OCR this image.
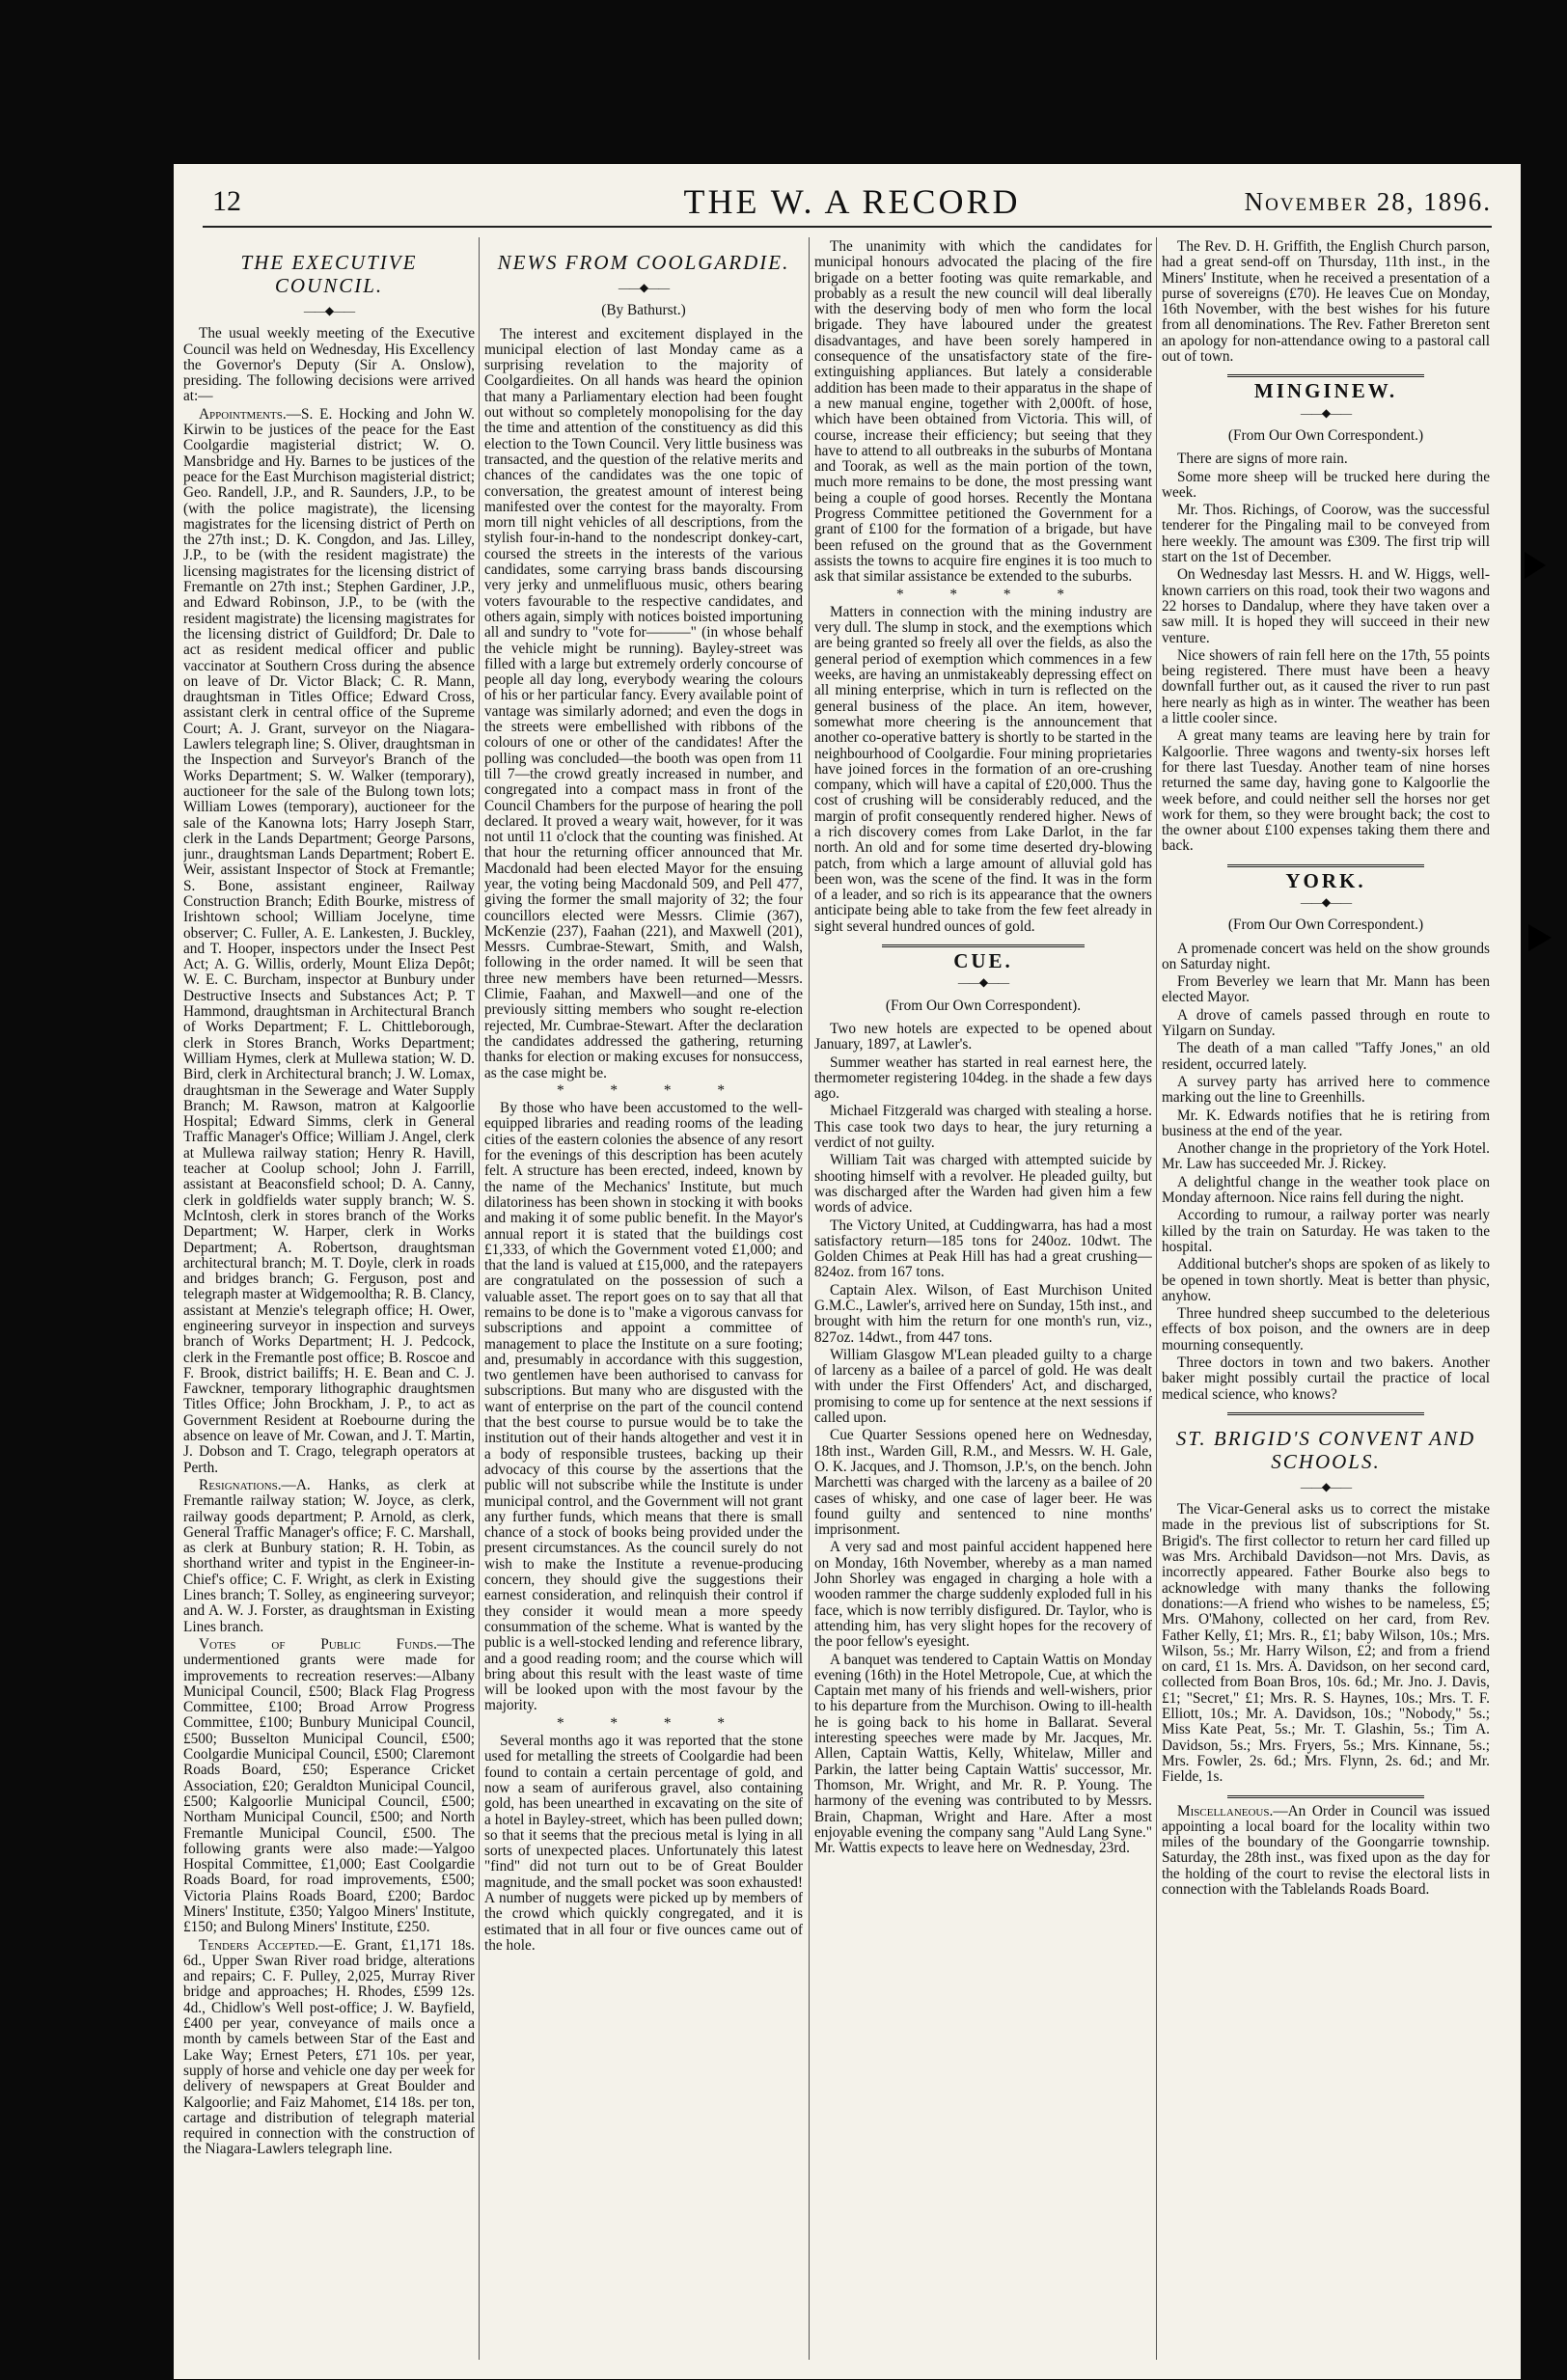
12	THE W. A RECORD	November 28, 1896.
THE EXECUTIVE COUNCIL.
——◆——

The usual weekly meeting of the Executive Council was held on Wednesday, His Excellency the Governor's Deputy (Sir A. Onslow), presiding. The following decisions were arrived at:—

Appointments.—S. E. Hocking and John W. Kirwin to be justices of the peace for the East Coolgardie magisterial district; W. O. Mansbridge and Hy. Barnes to be justices of the peace for the East Murchison magisterial district; Geo. Randell, J.P., and R. Saunders, J.P., to be (with the police magistrate), the licensing magistrates for the licensing district of Perth on the 27th inst.; D. K. Congdon, and Jas. Lilley, J.P., to be (with the resident magistrate) the licensing magistrates for the licensing district of Fremantle on 27th inst.; Stephen Gardiner, J.P., and Edward Robinson, J.P., to be (with the resident magistrate) the licensing magistrates for the licensing district of Guildford; Dr. Dale to act as resident medical officer and public vaccinator at Southern Cross during the absence on leave of Dr. Victor Black; C. R. Mann, draughtsman in Titles Office; Edward Cross, assistant clerk in central office of the Supreme Court; A. J. Grant, surveyor on the Niagara-Lawlers telegraph line; S. Oliver, draughtsman in the Inspection and Surveyor's Branch of the Works Department; S. W. Walker (temporary), auctioneer for the sale of the Bulong town lots; William Lowes (temporary), auctioneer for the sale of the Kanowna lots; Harry Joseph Starr, clerk in the Lands Department; George Parsons, junr., draughtsman Lands Department; Robert E. Weir, assistant Inspector of Stock at Fremantle; S. Bone, assistant engineer, Railway Construction Branch; Edith Bourke, mistress of Irishtown school; William Jocelyne, time observer; C. Fuller, A. E. Lankesten, J. Buckley, and T. Hooper, inspectors under the Insect Pest Act; A. G. Willis, orderly, Mount Eliza Depôt; W. E. C. Burcham, inspector at Bunbury under Destructive Insects and Substances Act; P. T Hammond, draughtsman in Architectural Branch of Works Department; F. L. Chittleborough, clerk in Stores Branch, Works Department; William Hymes, clerk at Mullewa station; W. D. Bird, clerk in Architectural branch; J. W. Lomax, draughtsman in the Sewerage and Water Supply Branch; M. Rawson, matron at Kalgoorlie Hospital; Edward Simms, clerk in General Traffic Manager's Office; William J. Angel, clerk at Mullewa railway station; Henry R. Havill, teacher at Coolup school; John J. Farrill, assistant at Beaconsfield school; D. A. Canny, clerk in goldfields water supply branch; W. S. McIntosh, clerk in stores branch of the Works Department; W. Harper, clerk in Works Department; A. Robertson, draughtsman architectural branch; M. T. Doyle, clerk in roads and bridges branch; G. Ferguson, post and telegraph master at Widgemooltha; R. B. Clancy, assistant at Menzie's telegraph office; H. Ower, engineering surveyor in inspection and surveys branch of Works Department; H. J. Pedcock, clerk in the Fremantle post office; B. Roscoe and F. Brook, district bailiffs; H. E. Bean and C. J. Fawckner, temporary lithographic draughtsmen Titles Office; John Brockham, J. P., to act as Government Resident at Roebourne during the absence on leave of Mr. Cowan, and J. T. Martin, J. Dobson and T. Crago, telegraph operators at Perth.

Resignations.—A. Hanks, as clerk at Fremantle railway station; W. Joyce, as clerk, railway goods department; P. Arnold, as clerk, General Traffic Manager's office; F. C. Marshall, as clerk at Bunbury station; R. H. Tobin, as shorthand writer and typist in the Engineer-in-Chief's office; C. F. Wright, as clerk in Existing Lines branch; T. Solley, as engineering surveyor; and A. W. J. Forster, as draughtsman in Existing Lines branch.

Votes of Public Funds.—The undermentioned grants were made for improvements to recreation reserves:—Albany Municipal Council, £500; Black Flag Progress Committee, £100; Broad Arrow Progress Committee, £100; Bunbury Municipal Council, £500; Busselton Municipal Council, £500; Coolgardie Municipal Council, £500; Claremont Roads Board, £50; Esperance Cricket Association, £20; Geraldton Municipal Council, £500; Kalgoorlie Municipal Council, £500; Northam Municipal Council, £500; and North Fremantle Municipal Council, £500. The following grants were also made:—Yalgoo Hospital Committee, £1,000; East Coolgardie Roads Board, for road improvements, £500; Victoria Plains Roads Board, £200; Bardoc Miners' Institute, £350; Yalgoo Miners' Institute, £150; and Bulong Miners' Institute, £250.

Tenders Accepted.—E. Grant, £1,171 18s. 6d., Upper Swan River road bridge, alterations and repairs; C. F. Pulley, 2,025, Murray River bridge and approaches; H. Rhodes, £599 12s. 4d., Chidlow's Well post-office; J. W. Bayfield, £400 per year, conveyance of mails once a month by camels between Star of the East and Lake Way; Ernest Peters, £71 10s. per year, supply of horse and vehicle one day per week for delivery of newspapers at Great Boulder and Kalgoorlie; and Faiz Mahomet, £14 18s. per ton, cartage and distribution of telegraph material required in connection with the construction of the Niagara-Lawlers telegraph line.

NEWS FROM COOLGARDIE.
——◆——

(By Bathurst.)

The interest and excitement displayed in the municipal election of last Monday came as a surprising revelation to the majority of Coolgardieites. On all hands was heard the opinion that many a Parliamentary election had been fought out without so completely monopolising for the day the time and attention of the constituency as did this election to the Town Council. Very little business was transacted, and the question of the relative merits and chances of the candidates was the one topic of conversation, the greatest amount of interest being manifested over the contest for the mayoralty. From morn till night vehicles of all descriptions, from the stylish four-in-hand to the nondescript donkey-cart, coursed the streets in the interests of the various candidates, some carrying brass bands discoursing very jerky and unmelifluous music, others bearing voters favourable to the respective candidates, and others again, simply with notices boisted importuning all and sundry to "vote for———" (in whose behalf the vehicle might be running). Bayley-street was filled with a large but extremely orderly concourse of people all day long, everybody wearing the colours of his or her particular fancy. Every available point of vantage was similarly adorned; and even the dogs in the streets were embellished with ribbons of the colours of one or other of the candidates! After the polling was concluded—the booth was open from 11 till 7—the crowd greatly increased in number, and congregated into a compact mass in front of the Council Chambers for the purpose of hearing the poll declared. It proved a weary wait, however, for it was not until 11 o'clock that the counting was finished. At that hour the returning officer announced that Mr. Macdonald had been elected Mayor for the ensuing year, the voting being Macdonald 509, and Pell 477, giving the former the small majority of 32; the four councillors elected were Messrs. Climie (367), McKenzie (237), Faahan (221), and Maxwell (201), Messrs. Cumbrae-Stewart, Smith, and Walsh, following in the order named. It will be seen that three new members have been returned—Messrs. Climie, Faahan, and Maxwell—and one of the previously sitting members who sought re-election rejected, Mr. Cumbrae-Stewart. After the declaration the candidates addressed the gathering, returning thanks for election or making excuses for nonsuccess, as the case might be.

* * * *

By those who have been accustomed to the well-equipped libraries and reading rooms of the leading cities of the eastern colonies the absence of any resort for the evenings of this description has been acutely felt. A structure has been erected, indeed, known by the name of the Mechanics' Institute, but much dilatoriness has been shown in stocking it with books and making it of some public benefit. In the Mayor's annual report it is stated that the buildings cost £1,333, of which the Government voted £1,000; and that the land is valued at £15,000, and the ratepayers are congratulated on the possession of such a valuable asset. The report goes on to say that all that remains to be done is to "make a vigorous canvass for subscriptions and appoint a committee of management to place the Institute on a sure footing; and, presumably in accordance with this suggestion, two gentlemen have been authorised to canvass for subscriptions. But many who are disgusted with the want of enterprise on the part of the council contend that the best course to pursue would be to take the institution out of their hands altogether and vest it in a body of responsible trustees, backing up their advocacy of this course by the assertions that the public will not subscribe while the Institute is under municipal control, and the Government will not grant any further funds, which means that there is small chance of a stock of books being provided under the present circumstances. As the council surely do not wish to make the Institute a revenue-producing concern, they should give the suggestions their earnest consideration, and relinquish their control if they consider it would mean a more speedy consummation of the scheme. What is wanted by the public is a well-stocked lending and reference library, and a good reading room; and the course which will bring about this result with the least waste of time will be looked upon with the most favour by the majority.

* * * *

Several months ago it was reported that the stone used for metalling the streets of Coolgardie had been found to contain a certain percentage of gold, and now a seam of auriferous gravel, also containing gold, has been unearthed in excavating on the site of a hotel in Bayley-street, which has been pulled down; so that it seems that the precious metal is lying in all sorts of unexpected places. Unfortunately this latest "find" did not turn out to be of Great Boulder magnitude, and the small pocket was soon exhausted! A number of nuggets were picked up by members of the crowd which quickly congregated, and it is estimated that in all four or five ounces came out of the hole.

The unanimity with which the candidates for municipal honours advocated the placing of the fire brigade on a better footing was quite remarkable, and probably as a result the new council will deal liberally with the deserving body of men who form the local brigade. They have laboured under the greatest disadvantages, and have been sorely hampered in consequence of the unsatisfactory state of the fire-extinguishing appliances. But lately a considerable addition has been made to their apparatus in the shape of a new manual engine, together with 2,000ft. of hose, which have been obtained from Victoria. This will, of course, increase their efficiency; but seeing that they have to attend to all outbreaks in the suburbs of Montana and Toorak, as well as the main portion of the town, much more remains to be done, the most pressing want being a couple of good horses. Recently the Montana Progress Committee petitioned the Government for a grant of £100 for the formation of a brigade, but have been refused on the ground that as the Government assists the towns to acquire fire engines it is too much to ask that similar assistance be extended to the suburbs.

* * * *

Matters in connection with the mining industry are very dull. The slump in stock, and the exemptions which are being granted so freely all over the fields, as also the general period of exemption which commences in a few weeks, are having an unmistakeably depressing effect on all mining enterprise, which in turn is reflected on the general business of the place. An item, however, somewhat more cheering is the announcement that another co-operative battery is shortly to be started in the neighbourhood of Coolgardie. Four mining proprietaries have joined forces in the formation of an ore-crushing company, which will have a capital of £20,000. Thus the cost of crushing will be considerably reduced, and the margin of profit consequently rendered higher. News of a rich discovery comes from Lake Darlot, in the far north. An old and for some time deserted dry-blowing patch, from which a large amount of alluvial gold has been won, was the scene of the find. It was in the form of a leader, and so rich is its appearance that the owners anticipate being able to take from the few feet already in sight several hundred ounces of gold.

CUE.
——◆——

(From Our Own Correspondent).

Two new hotels are expected to be opened about January, 1897, at Lawler's.

Summer weather has started in real earnest here, the thermometer registering 104deg. in the shade a few days ago.

Michael Fitzgerald was charged with stealing a horse. This case took two days to hear, the jury returning a verdict of not guilty.

William Tait was charged with attempted suicide by shooting himself with a revolver. He pleaded guilty, but was discharged after the Warden had given him a few words of advice.

The Victory United, at Cuddingwarra, has had a most satisfactory return—185 tons for 240oz. 10dwt. The Golden Chimes at Peak Hill has had a great crushing—824oz. from 167 tons.

Captain Alex. Wilson, of East Murchison United G.M.C., Lawler's, arrived here on Sunday, 15th inst., and brought with him the return for one month's run, viz., 827oz. 14dwt., from 447 tons.

William Glasgow M'Lean pleaded guilty to a charge of larceny as a bailee of a parcel of gold. He was dealt with under the First Offenders' Act, and discharged, promising to come up for sentence at the next sessions if called upon.

Cue Quarter Sessions opened here on Wednesday, 18th inst., Warden Gill, R.M., and Messrs. W. H. Gale, O. K. Jacques, and J. Thomson, J.P.'s, on the bench. John Marchetti was charged with the larceny as a bailee of 20 cases of whisky, and one case of lager beer. He was found guilty and sentenced to nine months' imprisonment.

A very sad and most painful accident happened here on Monday, 16th November, whereby as a man named John Shorley was engaged in charging a hole with a wooden rammer the charge suddenly exploded full in his face, which is now terribly disfigured. Dr. Taylor, who is attending him, has very slight hopes for the recovery of the poor fellow's eyesight.

A banquet was tendered to Captain Wattis on Monday evening (16th) in the Hotel Metropole, Cue, at which the Captain met many of his friends and well-wishers, prior to his departure from the Murchison. Owing to ill-health he is going back to his home in Ballarat. Several interesting speeches were made by Mr. Jacques, Mr. Allen, Captain Wattis, Kelly, Whitelaw, Miller and Parkin, the latter being Captain Wattis' successor, Mr. Thomson, Mr. Wright, and Mr. R. P. Young. The harmony of the evening was contributed to by Messrs. Brain, Chapman, Wright and Hare. After a most enjoyable evening the company sang "Auld Lang Syne." Mr. Wattis expects to leave here on Wednesday, 23rd.

The Rev. D. H. Griffith, the English Church parson, had a great send-off on Thursday, 11th inst., in the Miners' Institute, when he received a presentation of a purse of sovereigns (£70). He leaves Cue on Monday, 16th November, with the best wishes for his future from all denominations. The Rev. Father Brereton sent an apology for non-attendance owing to a pastoral call out of town.

MINGINEW.
——◆——

(From Our Own Correspondent.)

There are signs of more rain.

Some more sheep will be trucked here during the week.

Mr. Thos. Richings, of Coorow, was the successful tenderer for the Pingaling mail to be conveyed from here weekly. The amount was £309. The first trip will start on the 1st of December.

On Wednesday last Messrs. H. and W. Higgs, well-known carriers on this road, took their two wagons and 22 horses to Dandalup, where they have taken over a saw mill. It is hoped they will succeed in their new venture.

Nice showers of rain fell here on the 17th, 55 points being registered. There must have been a heavy downfall further out, as it caused the river to run past here nearly as high as in winter. The weather has been a little cooler since.

A great many teams are leaving here by train for Kalgoorlie. Three wagons and twenty-six horses left for there last Tuesday. Another team of nine horses returned the same day, having gone to Kalgoorlie the week before, and could neither sell the horses nor get work for them, so they were brought back; the cost to the owner about £100 expenses taking them there and back.

YORK.
——◆——

(From Our Own Correspondent.)

A promenade concert was held on the show grounds on Saturday night.

From Beverley we learn that Mr. Mann has been elected Mayor.

A drove of camels passed through en route to Yilgarn on Sunday.

The death of a man called "Taffy Jones," an old resident, occurred lately.

A survey party has arrived here to commence marking out the line to Greenhills.

Mr. K. Edwards notifies that he is retiring from business at the end of the year.

Another change in the proprietory of the York Hotel. Mr. Law has succeeded Mr. J. Rickey.

A delightful change in the weather took place on Monday afternoon. Nice rains fell during the night.

According to rumour, a railway porter was nearly killed by the train on Saturday. He was taken to the hospital.

Additional butcher's shops are spoken of as likely to be opened in town shortly. Meat is better than physic, anyhow.

Three hundred sheep succumbed to the deleterious effects of box poison, and the owners are in deep mourning consequently.

Three doctors in town and two bakers. Another baker might possibly curtail the practice of local medical science, who knows?

ST. BRIGID'S CONVENT AND SCHOOLS.
——◆——

The Vicar-General asks us to correct the mistake made in the previous list of subscriptions for St. Brigid's. The first collector to return her card filled up was Mrs. Archibald Davidson—not Mrs. Davis, as incorrectly appeared. Father Bourke also begs to acknowledge with many thanks the following donations:—A friend who wishes to be nameless, £5; Mrs. O'Mahony, collected on her card, from Rev. Father Kelly, £1; Mrs. R., £1; baby Wilson, 10s.; Mrs. Wilson, 5s.; Mr. Harry Wilson, £2; and from a friend on card, £1 1s. Mrs. A. Davidson, on her second card, collected from Boan Bros, 10s. 6d.; Mr. Jno. J. Davis, £1; "Secret," £1; Mrs. R. S. Haynes, 10s.; Mrs. T. F. Elliott, 10s.; Mr. A. Davidson, 10s.; "Nobody," 5s.; Miss Kate Peat, 5s.; Mr. T. Glashin, 5s.; Tim A. Davidson, 5s.; Mrs. Fryers, 5s.; Mrs. Kinnane, 5s.; Mrs. Fowler, 2s. 6d.; Mrs. Flynn, 2s. 6d.; and Mr. Fielde, 1s.

Miscellaneous.—An Order in Council was issued appointing a local board for the locality within two miles of the boundary of the Goongarrie township. Saturday, the 28th inst., was fixed upon as the day for the holding of the court to revise the electoral lists in connection with the Tablelands Roads Board.
